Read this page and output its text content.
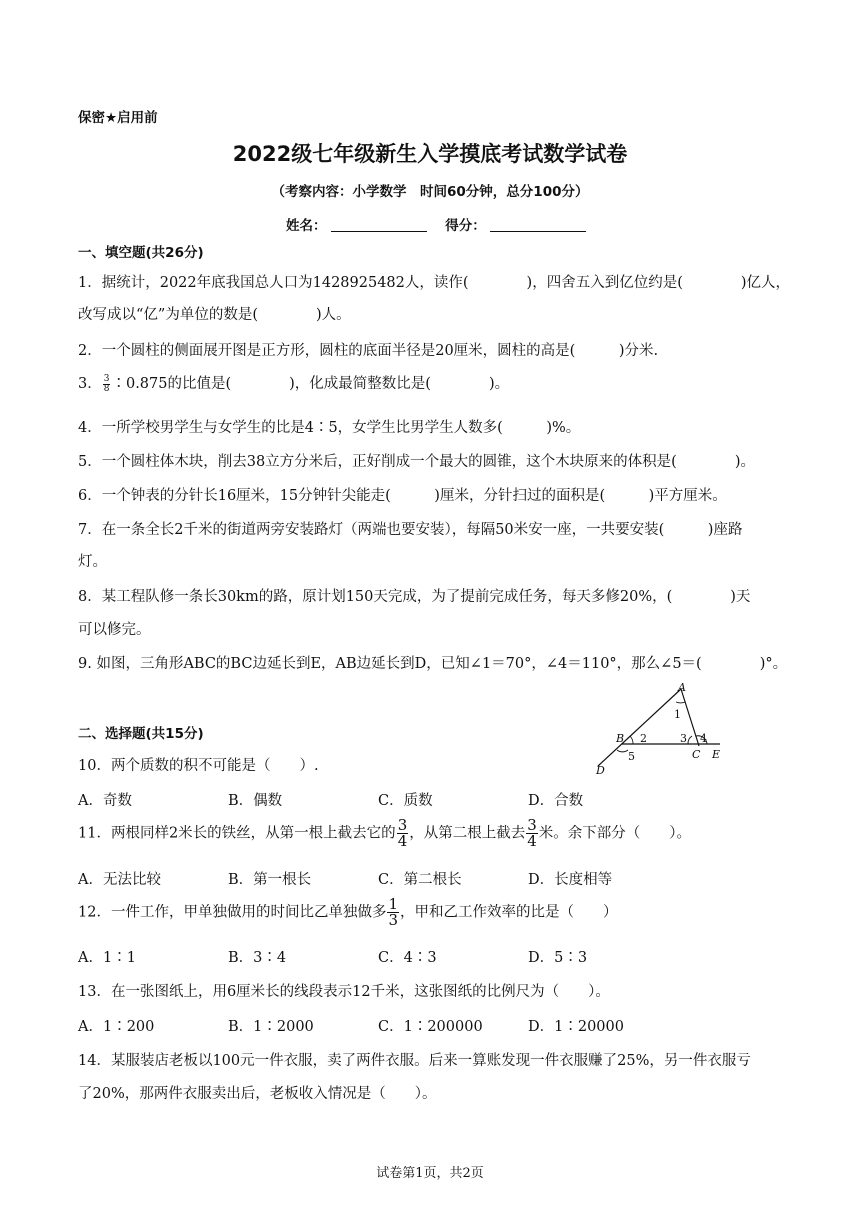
保密★启用前
2022级七年级新生入学摸底考试数学试卷
（考察内容：小学数学　时间60分钟，总分100分）
姓名：	得分：
一、填空题(共26分)
1．据统计，2022年底我国总人口为1428925482人，读作(　　　　)，四舍五入到亿位约是(　　　　)亿人，
改写成以“亿”为单位的数是(　　　　)人。
2．一个圆柱的侧面展开图是正方形，圆柱的底面半径是20厘米，圆柱的高是(　　　)分米.
3． $\frac{3}{8}$ ∶0.875的比值是(　　　　)，化成最简整数比是(　　　　)。
4．一所学校男学生与女学生的比是4∶5，女学生比男学生人数多(　　　)%。
5．一个圆柱体木块，削去38立方分米后，正好削成一个最大的圆锥，这个木块原来的体积是(　　　　)。
6．一个钟表的分针长16厘米，15分钟针尖能走(　　　)厘米，分针扫过的面积是(　　　)平方厘米。
7．在一条全长2千米的街道两旁安装路灯（两端也要安装），每隔50米安一座，一共要安装(　　　)座路
灯。
8．某工程队修一条长30km的路，原计划150天完成，为了提前完成任务，每天多修20%，(　　　　)天
可以修完。
9. 如图，三角形ABC的BC边延长到E，AB边延长到D，已知∠1＝70°，∠4＝110°，那么∠5＝(　　　　)°。
A
1
B 2	3 4
C E
D
5
二、选择题(共15分)
10．两个质数的积不可能是（　　）.
A．奇数	B．偶数	C．质数	D．合数
11．两根同样2米长的铁丝，从第一根上截去它的 $\frac{3}{4}$ ，从第二根上截去 $\frac{3}{4}$ 米。余下部分（　　）。
A．无法比较	B．第一根长	C．第二根长	D．长度相等
12．一件工作，甲单独做用的时间比乙单独做多 $\frac{1}{3}$ ，甲和乙工作效率的比是（　　）
A．1∶1	B．3∶4	C．4∶3	D．5∶3
13．在一张图纸上，用6厘米长的线段表示12千米，这张图纸的比例尺为（　　）。
A．1∶200	B．1∶2000	C．1∶200000	D．1∶20000
14．某服装店老板以100元一件衣服，卖了两件衣服。后来一算账发现一件衣服赚了25%，另一件衣服亏
了20%，那两件衣服卖出后，老板收入情况是（　　）。
试卷第1页，共2页
